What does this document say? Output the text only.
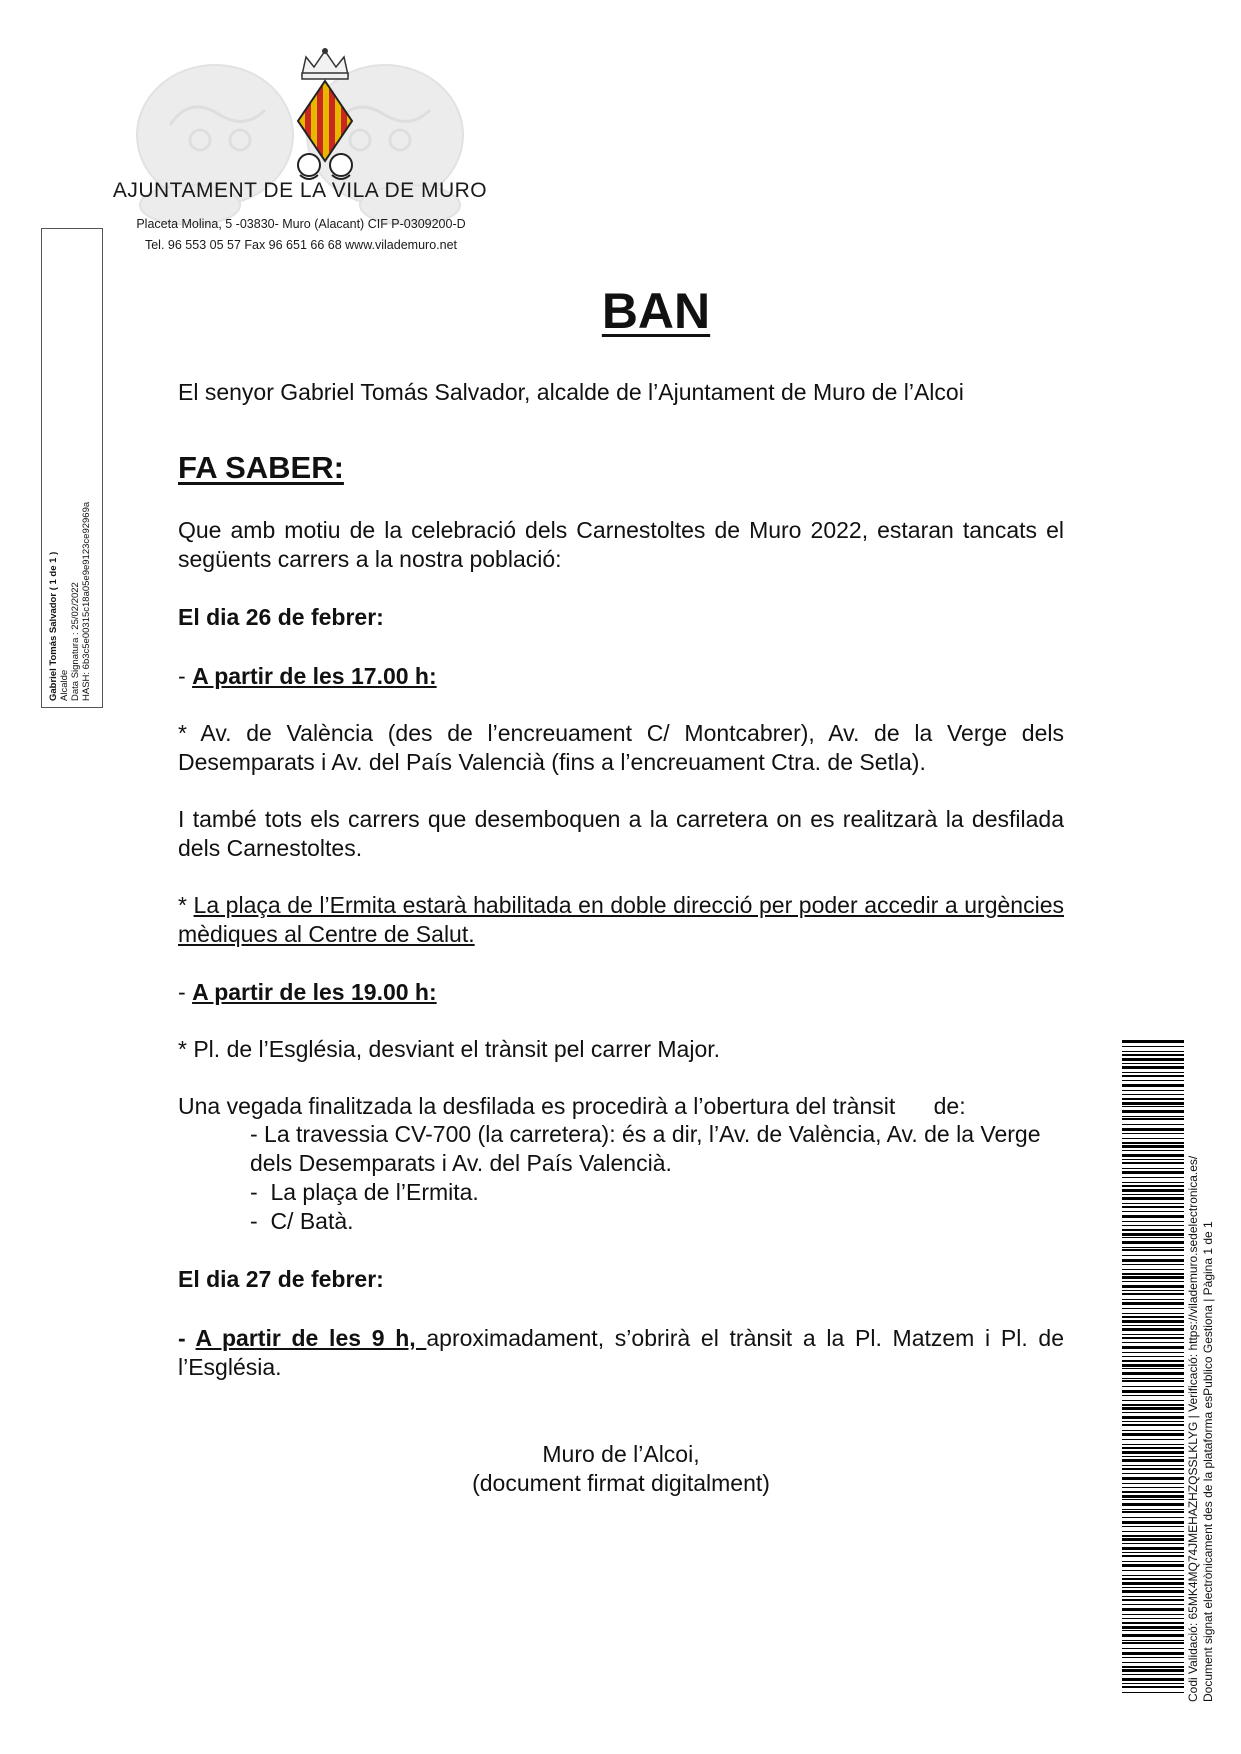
AJUNTAMENT DE LA VILA DE MURO
Placeta Molina, 5 -03830- Muro (Alacant) CIF P-0309200-D
Tel. 96 553 05 57 Fax 96 651 66 68 www.vilademuro.net
Gabriel Tomás Salvador ( 1 de 1 ) Alcalde Data Signatura : 25/02/2022 HASH: 6b3c5e00315c18a05e9e9123ce92969a
BAN
El senyor Gabriel Tomás Salvador, alcalde de l’Ajuntament de Muro de l’Alcoi
FA SABER:
Que amb motiu de la celebració dels Carnestoltes de Muro 2022, estaran tancats el següents carrers a la nostra població:
El dia 26 de febrer:
- A partir de les 17.00 h:
* Av. de València (des de l’encreuament C/ Montcabrer), Av. de la Verge dels Desemparats i Av. del País Valencià (fins a l’encreuament Ctra. de Setla).
I també tots els carrers que desemboquen a la carretera on es realitzarà la desfilada dels Carnestoltes.
* La plaça de l’Ermita estarà habilitada en doble direcció per poder accedir a urgències mèdiques al Centre de Salut.
- A partir de les 19.00 h:
* Pl. de l’Església, desviant el trànsit pel carrer Major.
Una vegada finalitzada la desfilada es procedirà a l’obertura del trànsit      de:
- La travessia CV-700 (la carretera): és a dir, l’Av. de València, Av. de la Verge dels Desemparats i Av. del País Valencià.
-  La plaça de l’Ermita.
-  C/ Batà.
El dia 27 de febrer:
- A partir de les 9 h, aproximadament, s’obrirà el trànsit a la Pl. Matzem i Pl. de l’Església.
Muro de l’Alcoi,
(document firmat digitalment)	Codi Validació: 65MK4MQ74JMEHAZHZQSSLKLYG | Verificació: https://vilademuro.sedelectronica.es/ Document signat electrònicament des de la plataforma esPublico Gestiona | Pàgina 1 de 1
